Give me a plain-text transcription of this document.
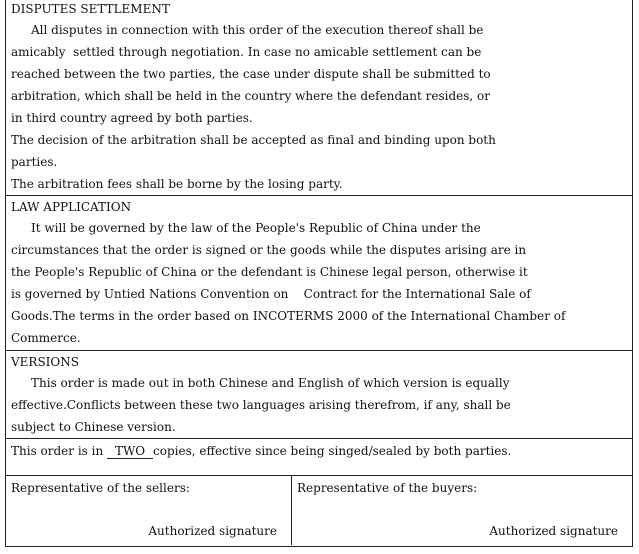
DISPUTES SETTLEMENT
All disputes in connection with this order of the execution thereof shall be
amicably  settled through negotiation. In case no amicable settlement can be
reached between the two parties, the case under dispute shall be submitted to
arbitration, which shall be held in the country where the defendant resides, or
in third country agreed by both parties.
The decision of the arbitration shall be accepted as final and binding upon both
parties.
The arbitration fees shall be borne by the losing party.
LAW APPLICATION
It will be governed by the law of the People's Republic of China under the
circumstances that the order is signed or the goods while the disputes arising are in
the People's Republic of China or the defendant is Chinese legal person, otherwise it
is governed by Untied Nations Convention on    Contract for the International Sale of
Goods.The terms in the order based on INCOTERMS 2000 of the International Chamber of
Commerce.
VERSIONS
This order is made out in both Chinese and English of which version is equally
effective.Conflicts between these two languages arising therefrom, if any, shall be
subject to Chinese version.
This order is in TWO copies, effective since being singed/sealed by both parties.
Representative of the sellers:
Authorized signature
Representative of the buyers:
Authorized signature
